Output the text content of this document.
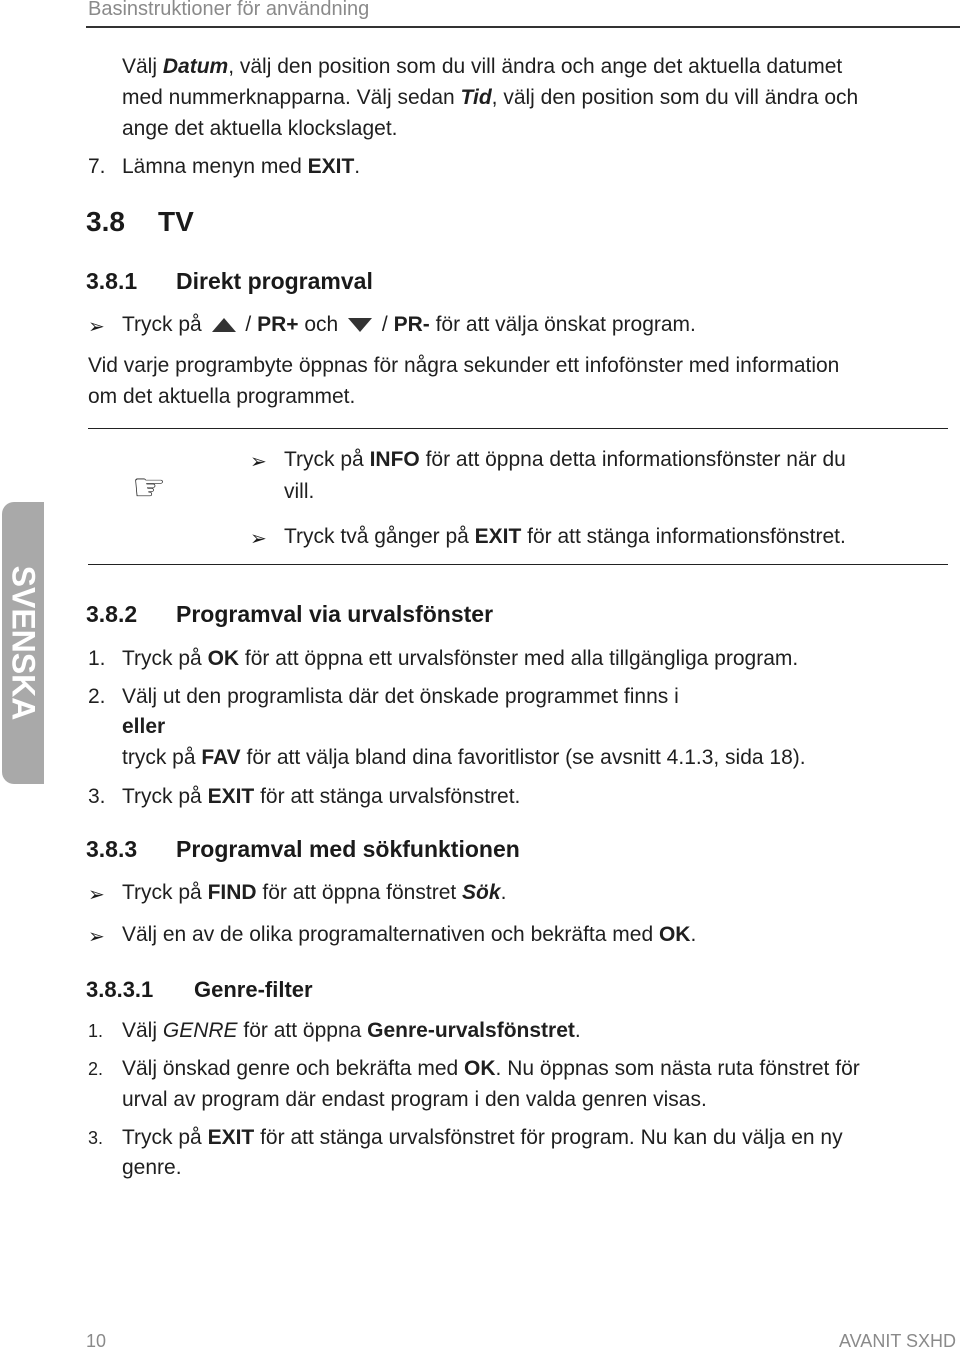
Basinstruktioner för användning
SVENSKA
Välj Datum, välj den position som du vill ändra och ange det aktuella datumet
med nummerknapparna. Välj sedan Tid, välj den position som du vill ändra och
ange det aktuella klockslaget.
7. Lämna menyn med EXIT.
3.8 TV
3.8.1 Direkt programval
➢ Tryck på  / PR+ och  / PR- för att välja önskat program.
Vid varje programbyte öppnas för några sekunder ett infofönster med information
om det aktuella programmet.
☞
➢ Tryck på INFO för att öppna detta informationsfönster när du
vill.
➢ Tryck två gånger på EXIT för att stänga informationsfönstret.
3.8.2 Programval via urvalsfönster
1. Tryck på OK för att öppna ett urvalsfönster med alla tillgängliga program.
2. Välj ut den programlista där det önskade programmet finns i
eller
tryck på FAV för att välja bland dina favoritlistor (se avsnitt 4.1.3, sida 18).
3. Tryck på EXIT för att stänga urvalsfönstret.
3.8.3 Programval med sökfunktionen
➢ Tryck på FIND för att öppna fönstret Sök.
➢ Välj en av de olika programalternativen och bekräfta med OK.
3.8.3.1 Genre-filter
1. Välj GENRE för att öppna Genre-urvalsfönstret.
2. Välj önskad genre och bekräfta med OK. Nu öppnas som nästa ruta fönstret för
urval av program där endast program i den valda genren visas.
3. Tryck på EXIT för att stänga urvalsfönstret för program. Nu kan du välja en ny
genre.
10	AVANIT SXHD
